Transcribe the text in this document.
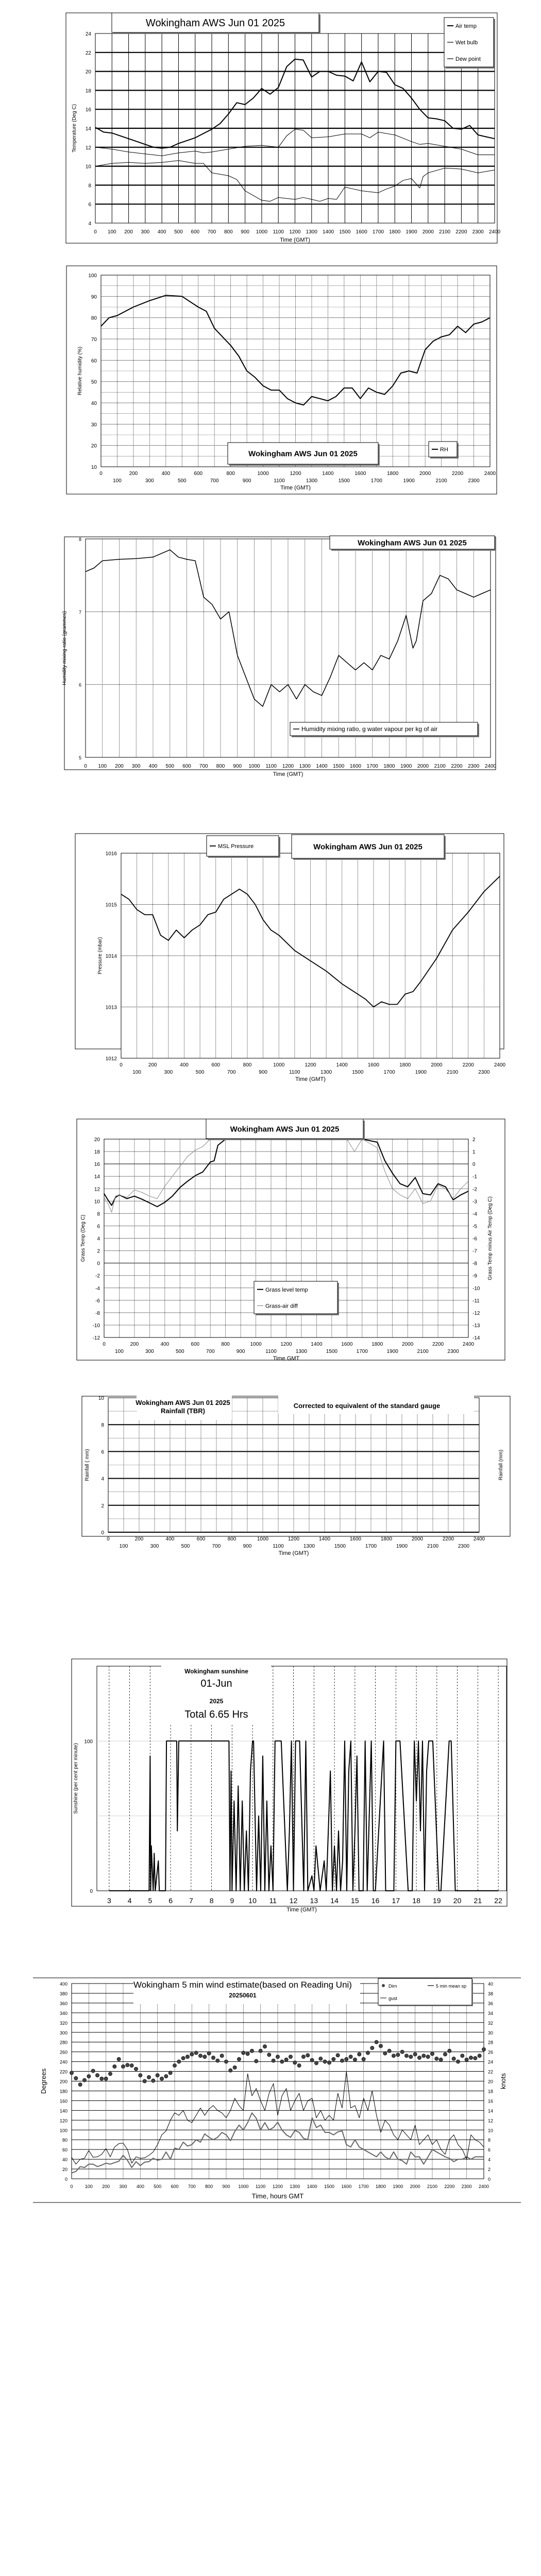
4
6
8
10
12
14
16
18
20
22
24
0 100 200 300 400 500 600 700 800 900 1000 1100 1200 1300 1400 1500 1600 1700 1800 1900 2000 2100 2200 2300 2400
Time (GMT)
Temperature (Deg C)
Wokingham AWS Jun 01 2025	Air temp
Wet bulb
Dew point
10
20
30
40
50
60
70
80
90
100
0
100
200
300
400
500
600
700
800
900
1000
1100
1200
1300
1400
1500
1600
1700
1800
1900
2000
2100
2200
2300
2400
Time (GMT)
Relative humidity (%)
Wokingham AWS Jun 01 2025	RH
5
6
7
8
0 100 200 300 400 500 600 700 800 900 1000 1100 1200 1300 1400 1500 1600 1700 1800 1900 2000 2100 2200 2300 2400
Time (GMT)
Humidity mixing ratio (grammes)
Wokingham AWS Jun 01 2025
Humidity mixing ratio, g water vapour per kg of air
1012
1013
1014
1015
1016
0
100
200
300
400
500
600
700
800
900
1000
1100
1200
1300
1400
1500
1600
1700
1800
1900
2000
2100
2200
2300
2400
Time (GMT)
Pressure (mbar)
Wokingham AWS Jun 01 2025
MSL Pressure
-12
-10
-8
-6
-4
-2
0
2
4
6
8
10
12
14
16
18
20
-14
-13
-12
-11
-10
-9
-8
-7
-6
-5
-4
-3
-2
-1
0
1
2
0
100
200
300
400
500
600
700
800
900
1000
1100
1200
1300
1400
1500
1600
1700
1800
1900
2000
2100
2200
2300
2400
Time GMT
Grass Temp (Deg C)	Grass Temp minus Air Temp (Deg C)
Wokingham AWS Jun 01 2025
Grass level temp
Grass-air diff
0
2
4
6
8
10
0
100
200
300
400
500
600
700
800
900
1000
1100
1200
1300
1400
1500
1600
1700
1800
1900
2000
2100
2200
2300
2400
Time (GMT)
Rainfall ( mm)	Rainfall (mm)
Wokingham AWS Jun 01 2025
Rainfall (TBR)
Corrected to equivalent of the standard gauge
0
100
3 4 5 6 7 8 9 10 11 12 13 14 15 16 17 18 19 20 21 22
Time (GMT)
Sunshine (per cent per minute)
Wokingham sunshine
01-Jun
2025
Total 6.65 Hrs
0
20
40
60
80
100
120
140
160
180
200
220
240
260
280
300
320
340
360
380
400
0
2
4
6
8
10
12
14
16
18
20
22
24
26
28
30
32
34
36
38
40
0	100 200 300 400 500 600 700 800 900 1000 1100 1200 1300 1400 1500 1600 1700 1800 1900 2000 2100 2200 2300 2400
Time, hours GMT
Degrees	knots
Wokingham 5 min wind estimate(based on Reading Uni)
20250601
Dirn	5 min mean sp
gust
